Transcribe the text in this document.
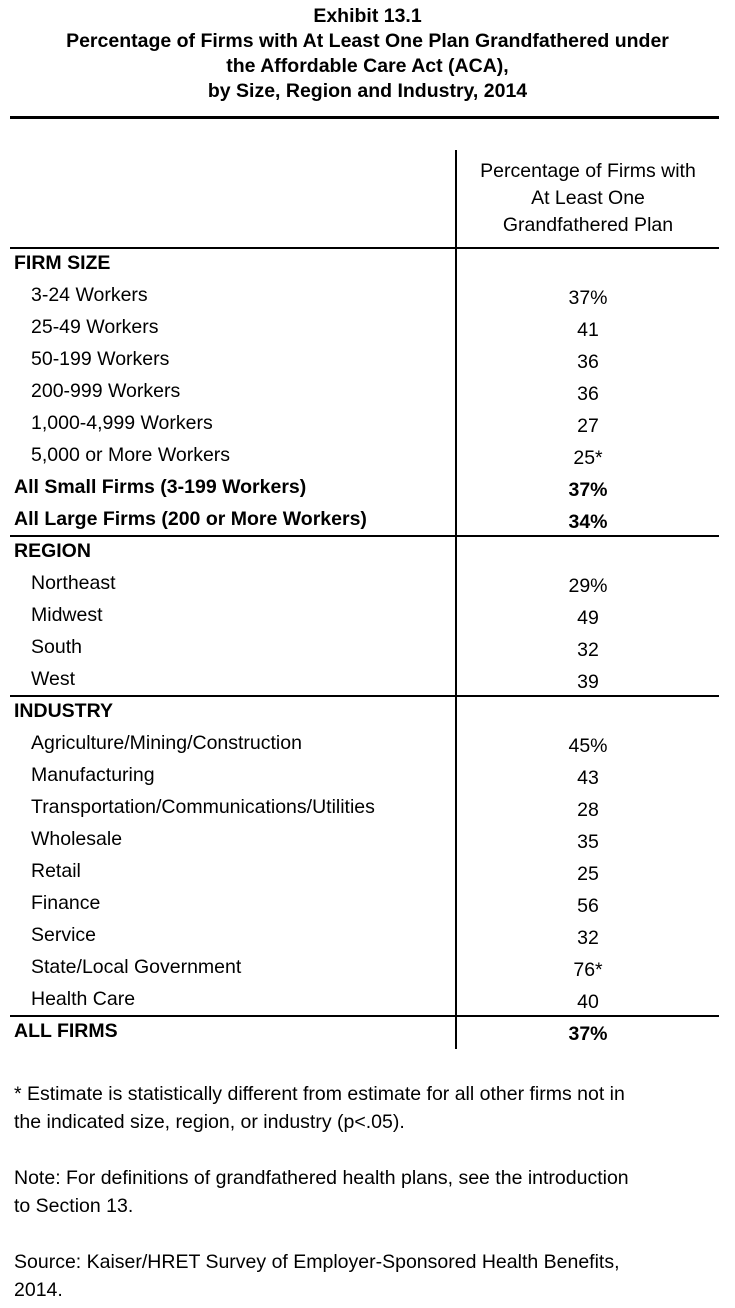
Exhibit 13.1
Percentage of Firms with At Least One Plan Grandfathered under
the Affordable Care Act (ACA),
by Size, Region and Industry, 2014
Percentage of Firms with
At Least One
Grandfathered Plan
FIRM SIZE
3-24 Workers	37%
25-49 Workers	41
50-199 Workers	36
200-999 Workers	36
1,000-4,999 Workers	27
5,000 or More Workers	25*
All Small Firms (3-199 Workers)	37%
All Large Firms (200 or More Workers)	34%
REGION
Northeast	29%
Midwest	49
South	32
West	39
INDUSTRY
Agriculture/Mining/Construction	45%
Manufacturing	43
Transportation/Communications/Utilities	28
Wholesale	35
Retail	25
Finance	56
Service	32
State/Local Government	76*
Health Care	40
ALL FIRMS	37%
* Estimate is statistically different from estimate for all other firms not in
the indicated size, region, or industry (p<.05).
Note: For definitions of grandfathered health plans, see the introduction
to Section 13.
Source: Kaiser/HRET Survey of Employer-Sponsored Health Benefits,
2014.
